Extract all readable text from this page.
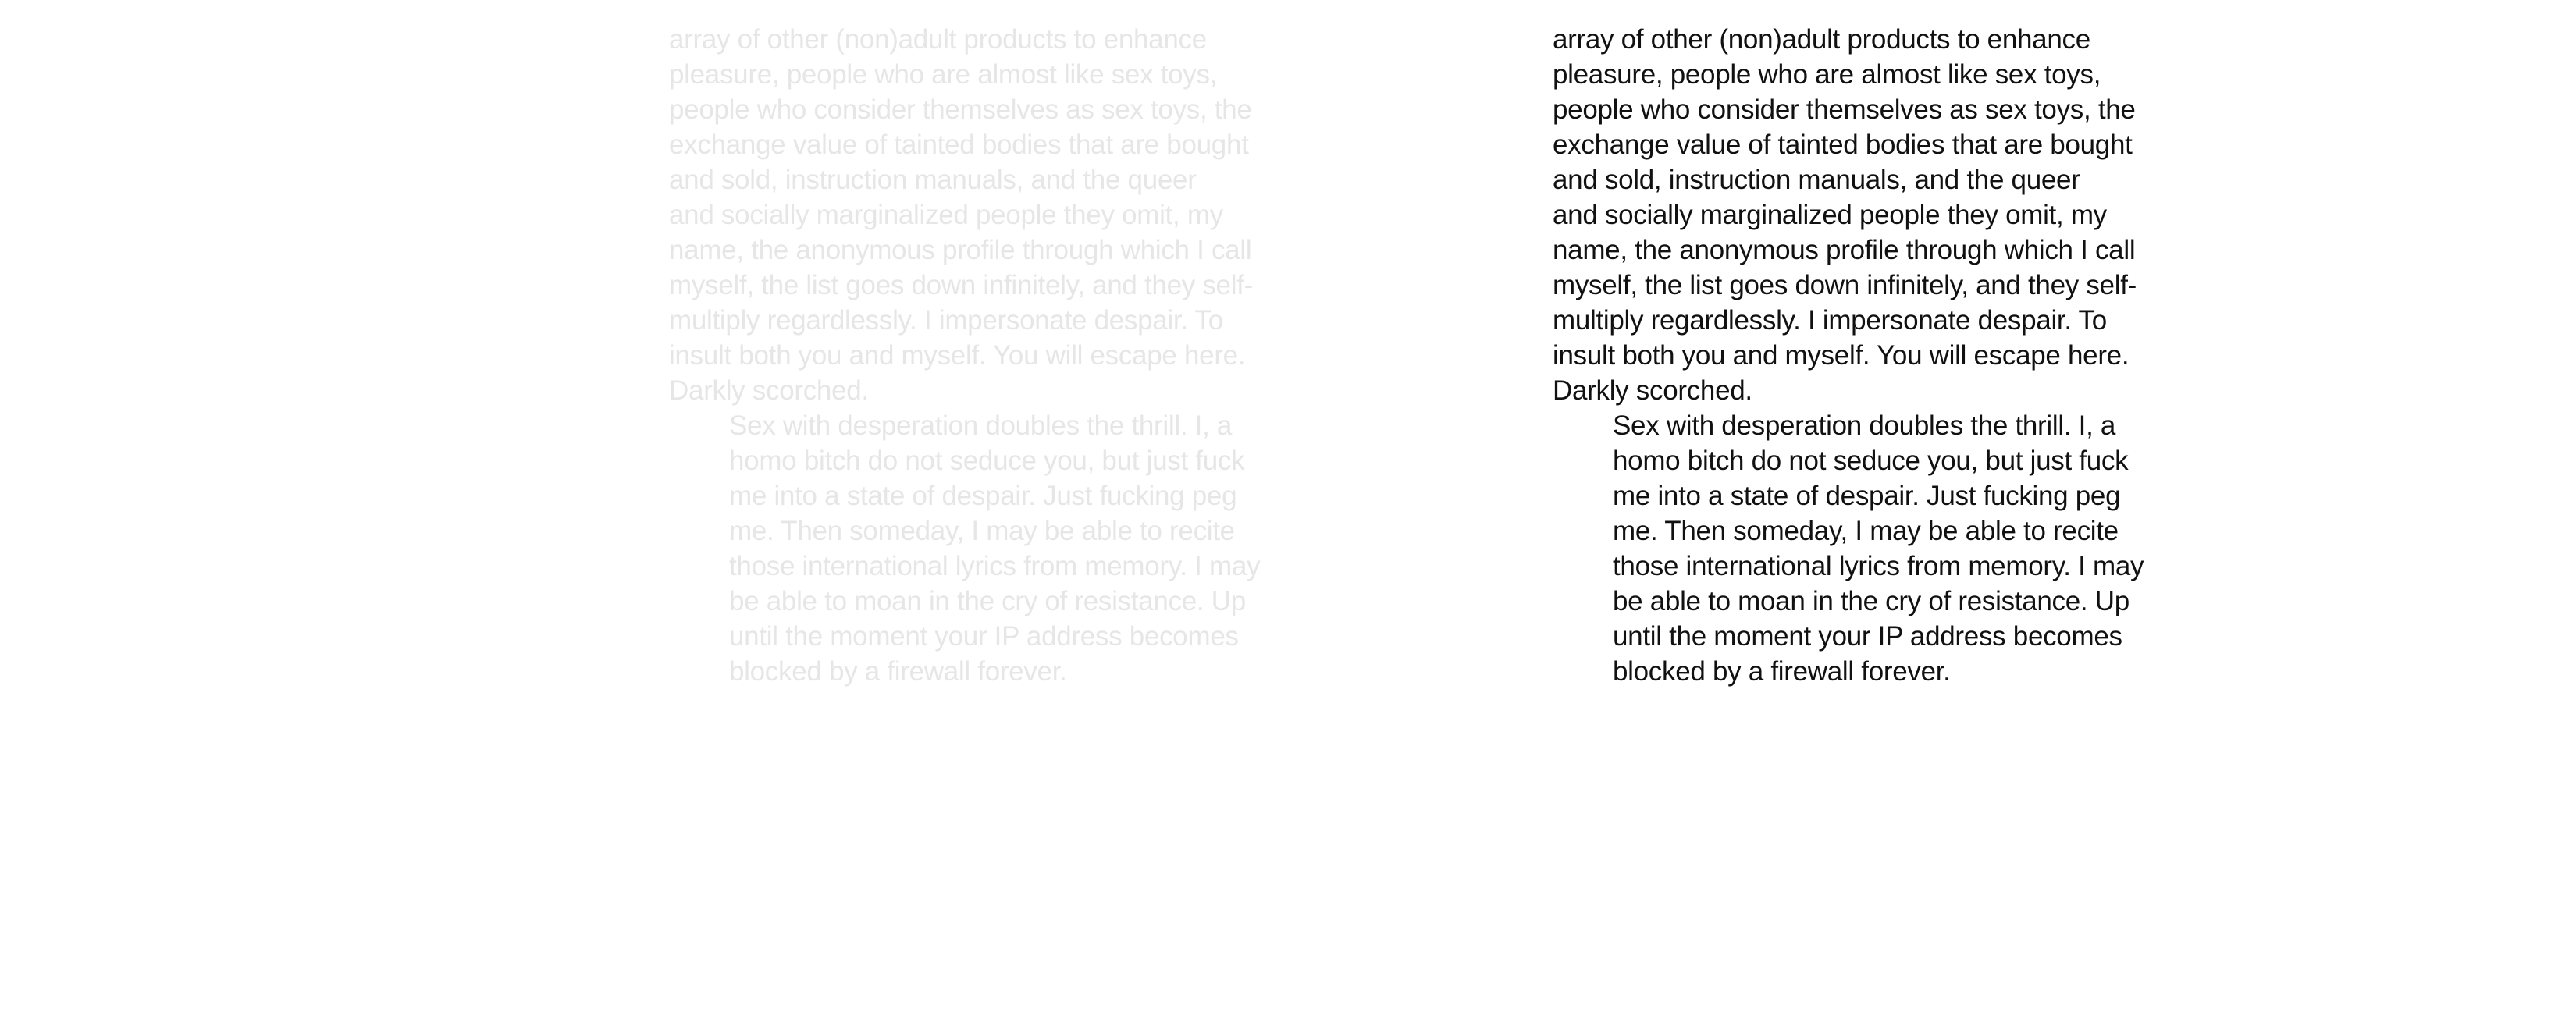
array of other (non)adult products to enhance
pleasure, people who are almost like sex toys,
people who consider themselves as sex toys, the
exchange value of tainted bodies that are bought
and sold, instruction manuals, and the queer
and socially marginalized people they omit, my
name, the anonymous profile through which I call
myself, the list goes down infinitely, and they self-
multiply regardlessly. I impersonate despair. To
insult both you and myself. You will escape here.
Darkly scorched.
Sex with desperation doubles the thrill. I, a
homo bitch do not seduce you, but just fuck
me into a state of despair. Just fucking peg
me. Then someday, I may be able to recite
those international lyrics from memory. I may
be able to moan in the cry of resistance. Up
until the moment your IP address becomes
blocked by a firewall forever.
array of other (non)adult products to enhance
pleasure, people who are almost like sex toys,
people who consider themselves as sex toys, the
exchange value of tainted bodies that are bought
and sold, instruction manuals, and the queer
and socially marginalized people they omit, my
name, the anonymous profile through which I call
myself, the list goes down infinitely, and they self-
multiply regardlessly. I impersonate despair. To
insult both you and myself. You will escape here.
Darkly scorched.
Sex with desperation doubles the thrill. I, a
homo bitch do not seduce you, but just fuck
me into a state of despair. Just fucking peg
me. Then someday, I may be able to recite
those international lyrics from memory. I may
be able to moan in the cry of resistance. Up
until the moment your IP address becomes
blocked by a firewall forever.
